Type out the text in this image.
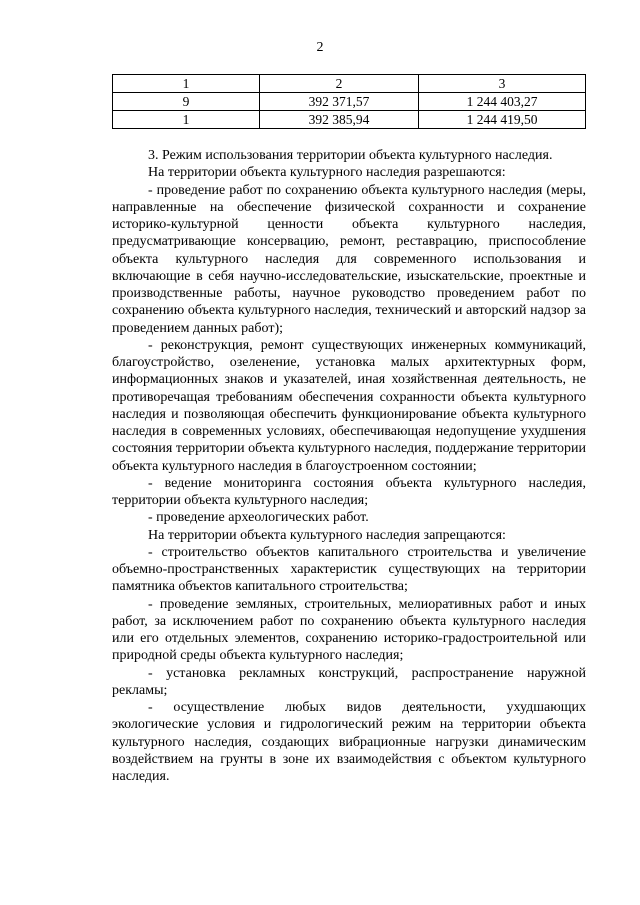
2
1	2	3
9	392 371,57	1 244 403,27
1	392 385,94	1 244 419,50

3. Режим использования территории объекта культурного наследия.

На территории объекта культурного наследия разрешаются:

- проведение работ по сохранению объекта культурного наследия (меры, направленные на обеспечение физической сохранности и сохранение историко-культурной ценности объекта культурного наследия, предусматривающие консервацию, ремонт, реставрацию, приспособление объекта культурного наследия для современного использования и включающие в себя научно-исследовательские, изыскательские, проектные и производственные работы, научное руководство проведением работ по сохранению объекта культурного наследия, технический и авторский надзор за проведением данных работ);

- реконструкция, ремонт существующих инженерных коммуникаций, благоустройство, озеленение, установка малых архитектурных форм, информационных знаков и указателей, иная хозяйственная деятельность, не противоречащая требованиям обеспечения сохранности объекта культурного наследия и позволяющая обеспечить функционирование объекта культурного наследия в современных условиях, обеспечивающая недопущение ухудшения состояния территории объекта культурного наследия, поддержание территории объекта культурного наследия в благоустроенном состоянии;

- ведение мониторинга состояния объекта культурного наследия, территории объекта культурного наследия;

- проведение археологических работ.

На территории объекта культурного наследия запрещаются:

- строительство объектов капитального строительства и увеличение объемно-пространственных характеристик существующих на территории памятника объектов капитального строительства;

- проведение земляных, строительных, мелиоративных работ и иных работ, за исключением работ по сохранению объекта культурного наследия или его отдельных элементов, сохранению историко-градостроительной или природной среды объекта культурного наследия;

- установка рекламных конструкций, распространение наружной рекламы;

- осуществление любых видов деятельности, ухудшающих экологические условия и гидрологический режим на территории объекта культурного наследия, создающих вибрационные нагрузки динамическим воздействием на грунты в зоне их взаимодействия с объектом культурного наследия.
